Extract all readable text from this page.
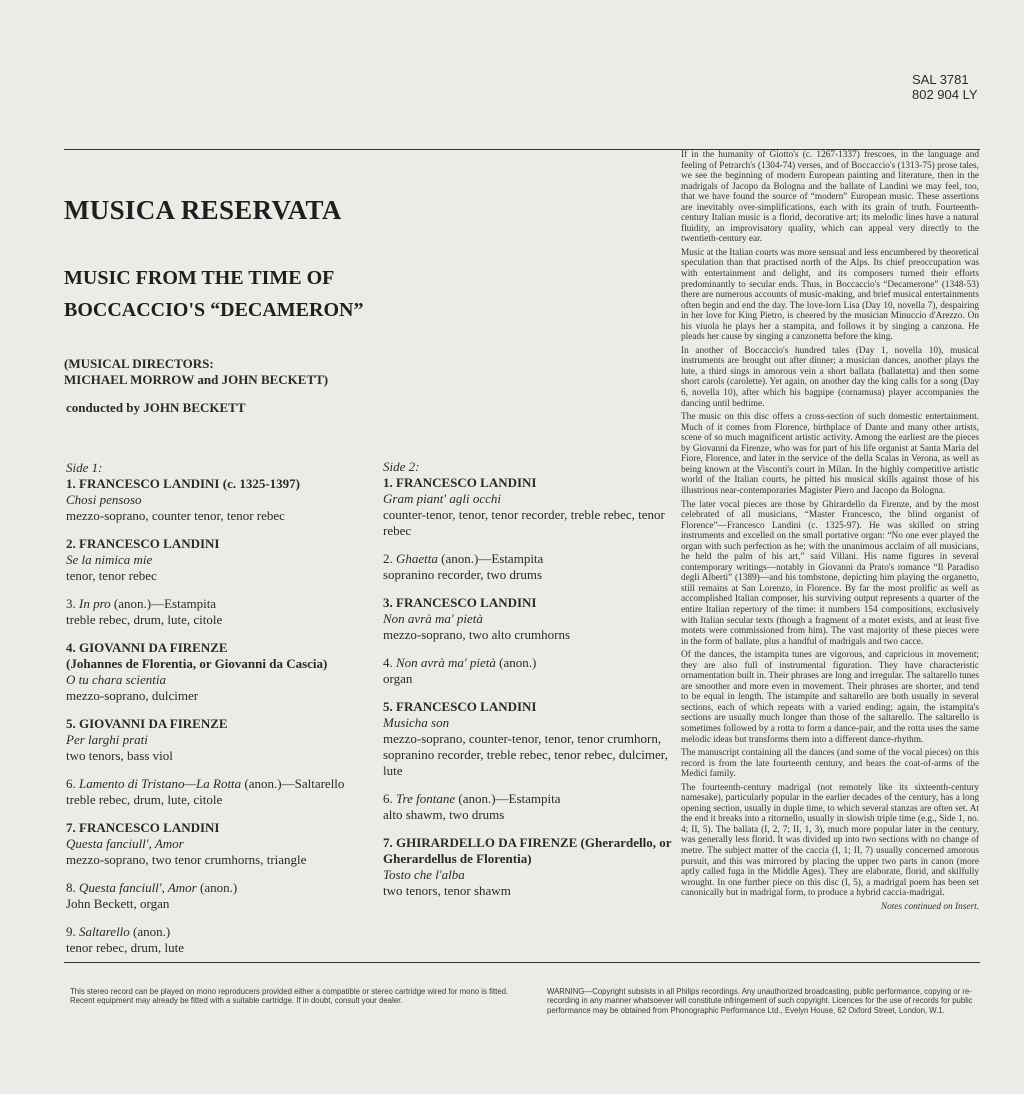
SAL 3781
802 904 LY
MUSICA RESERVATA
MUSIC FROM THE TIME OF
BOCCACCIO'S “DECAMERON”
(MUSICAL DIRECTORS:
MICHAEL MORROW and JOHN BECKETT)
conducted by JOHN BECKETT
Side 1:
1. FRANCESCO LANDINI (c. 1325-1397)
Chosi pensoso
mezzo-soprano, counter tenor, tenor rebec
2. FRANCESCO LANDINI
Se la nimica mie
tenor, tenor rebec
3. In pro (anon.)—Estampita
treble rebec, drum, lute, citole
4. GIOVANNI DA FIRENZE
(Johannes de Florentia, or Giovanni da Cascia)
O tu chara scientia
mezzo-soprano, dulcimer
5. GIOVANNI DA FIRENZE
Per larghi prati
two tenors, bass viol
6. Lamento di Tristano—La Rotta (anon.)—Saltarello
treble rebec, drum, lute, citole
7. FRANCESCO LANDINI
Questa fanciull', Amor
mezzo-soprano, two tenor crumhorns, triangle
8. Questa fanciull', Amor (anon.)
John Beckett, organ
9. Saltarello (anon.)
tenor rebec, drum, lute
Side 2:
1. FRANCESCO LANDINI
Gram piant' agli occhi
counter-tenor, tenor, tenor recorder, treble rebec, tenor rebec
2. Ghaetta (anon.)—Estampita
sopranino recorder, two drums
3. FRANCESCO LANDINI
Non avrà ma' pietà
mezzo-soprano, two alto crumhorns
4. Non avrà ma' pietà (anon.)
organ
5. FRANCESCO LANDINI
Musicha son
mezzo-soprano, counter-tenor, tenor, tenor crumhorn, sopranino recorder, treble rebec, tenor rebec, dulcimer, lute
6. Tre fontane (anon.)—Estampita
alto shawm, two drums
7. GHIRARDELLO DA FIRENZE (Gherardello, or
Gherardellus de Florentia)
Tosto che l'alba
two tenors, tenor shawm

If in the humanity of Giotto's (c. 1267-1337) frescoes, in the language and feeling of Petrarch's (1304-74) verses, and of Boccaccio's (1313-75) prose tales, we see the beginning of modern European painting and literature, then in the madrigals of Jacopo da Bologna and the ballate of Landini we may feel, too, that we have found the source of “modern” European music. These assertions are inevitably over-simplifications, each with its grain of truth. Fourteenth-century Italian music is a florid, decorative art; its melodic lines have a natural fluidity, an improvisatory quality, which can appeal very directly to the twentieth-century ear.

Music at the Italian courts was more sensual and less encumbered by theoretical speculation than that practised north of the Alps. Its chief preoccupation was with entertainment and delight, and its composers turned their efforts predominantly to secular ends. Thus, in Boccaccio's “Decamerone” (1348-53) there are numerous accounts of music-making, and brief musical entertainments often begin and end the day. The love-lorn Lisa (Day 10, novella 7), despairing in her love for King Pietro, is cheered by the musician Minuccio d'Arezzo. On his viuola he plays her a stampita, and follows it by singing a canzona. He pleads her cause by singing a canzonetta before the king.

In another of Boccaccio's hundred tales (Day 1, novella 10), musical instruments are brought out after dinner; a musician dances, another plays the lute, a third sings in amorous vein a short ballata (ballatetta) and then some short carols (carolette). Yet again, on another day the king calls for a song (Day 6, novella 10), after which his bagpipe (cornamusa) player accompanies the dancing until bedtime.

The music on this disc offers a cross-section of such domestic entertainment. Much of it comes from Florence, birthplace of Dante and many other artists, scene of so much magnificent artistic activity. Among the earliest are the pieces by Giovanni da Firenze, who was for part of his life organist at Santa Maria del Fiore, Florence, and later in the service of the della Scalas in Verona, as well as being known at the Visconti's court in Milan. In the highly competitive artistic world of the Italian courts, he pitted his musical skills against those of his illustrious near-contemporaries Magister Piero and Jacopo da Bologna.

The later vocal pieces are those by Ghirardello da Firenze, and by the most celebrated of all musicians, “Master Francesco, the blind organist of Florence”—Francesco Landini (c. 1325-97). He was skilled on string instruments and excelled on the small portative organ: “No one ever played the organ with such perfection as he; with the unanimous acclaim of all musicians, he held the palm of his art,” said Villani. His name figures in several contemporary writings—notably in Giovanni da Prato's romance “Il Paradiso degli Alberti” (1389)—and his tombstone, depicting him playing the organetto, still remains at San Lorenzo, in Florence. By far the most prolific as well as accomplished Italian composer, his surviving output represents a quarter of the entire Italian repertory of the time: it numbers 154 compositions, exclusively with Italian secular texts (though a fragment of a motet exists, and at least five motets were commissioned from him). The vast majority of these pieces were in the form of ballate, plus a handful of madrigals and two cacce.

Of the dances, the istampita tunes are vigorous, and capricious in movement; they are also full of instrumental figuration. They have characteristic ornamentation built in. Their phrases are long and irregular. The saltarello tunes are smoother and more even in movement. Their phrases are shorter, and tend to be equal in length. The istampite and saltarello are both usually in several sections, each of which repeats with a varied ending; again, the istampita's sections are usually much longer than those of the saltarello. The saltarello is sometimes followed by a rotta to form a dance-pair, and the rotta uses the same melodic ideas but transforms them into a different dance-rhythm.

The manuscript containing all the dances (and some of the vocal pieces) on this record is from the late fourteenth century, and bears the coat-of-arms of the Medici family.

The fourteenth-century madrigal (not remotely like its sixteenth-century namesake), particularly popular in the earlier decades of the century, has a long opening section, usually in duple time, to which several stanzas are often set. At the end it breaks into a ritornello, usually in slowish triple time (e.g., Side 1, no. 4; II, 5). The ballata (I, 2, 7; II, 1, 3), much more popular later in the century, was generally less florid. It was divided up into two sections with no change of metre. The subject matter of the caccia (I, 1; II, 7) usually concerned amorous pursuit, and this was mirrored by placing the upper two parts in canon (more aptly called fuga in the Middle Ages). They are elaborate, florid, and skilfully wrought. In one further piece on this disc (I, 5), a madrigal poem has been set canonically but in madrigal form, to produce a hybrid caccia-madrigal.

Notes continued on Insert.
This stereo record can be played on mono reproducers provided either a compatible or stereo cartridge wired for mono is fitted. Recent equipment may already be fitted with a suitable cartridge. If in doubt, consult your dealer.
WARNING—Copyright subsists in all Philips recordings. Any unauthorized broadcasting, public performance, copying or re-recording in any manner whatsoever will constitute infringement of such copyright. Licences for the use of records for public performance may be obtained from Phonographic Performance Ltd., Evelyn House, 62 Oxford Street, London, W.1.
